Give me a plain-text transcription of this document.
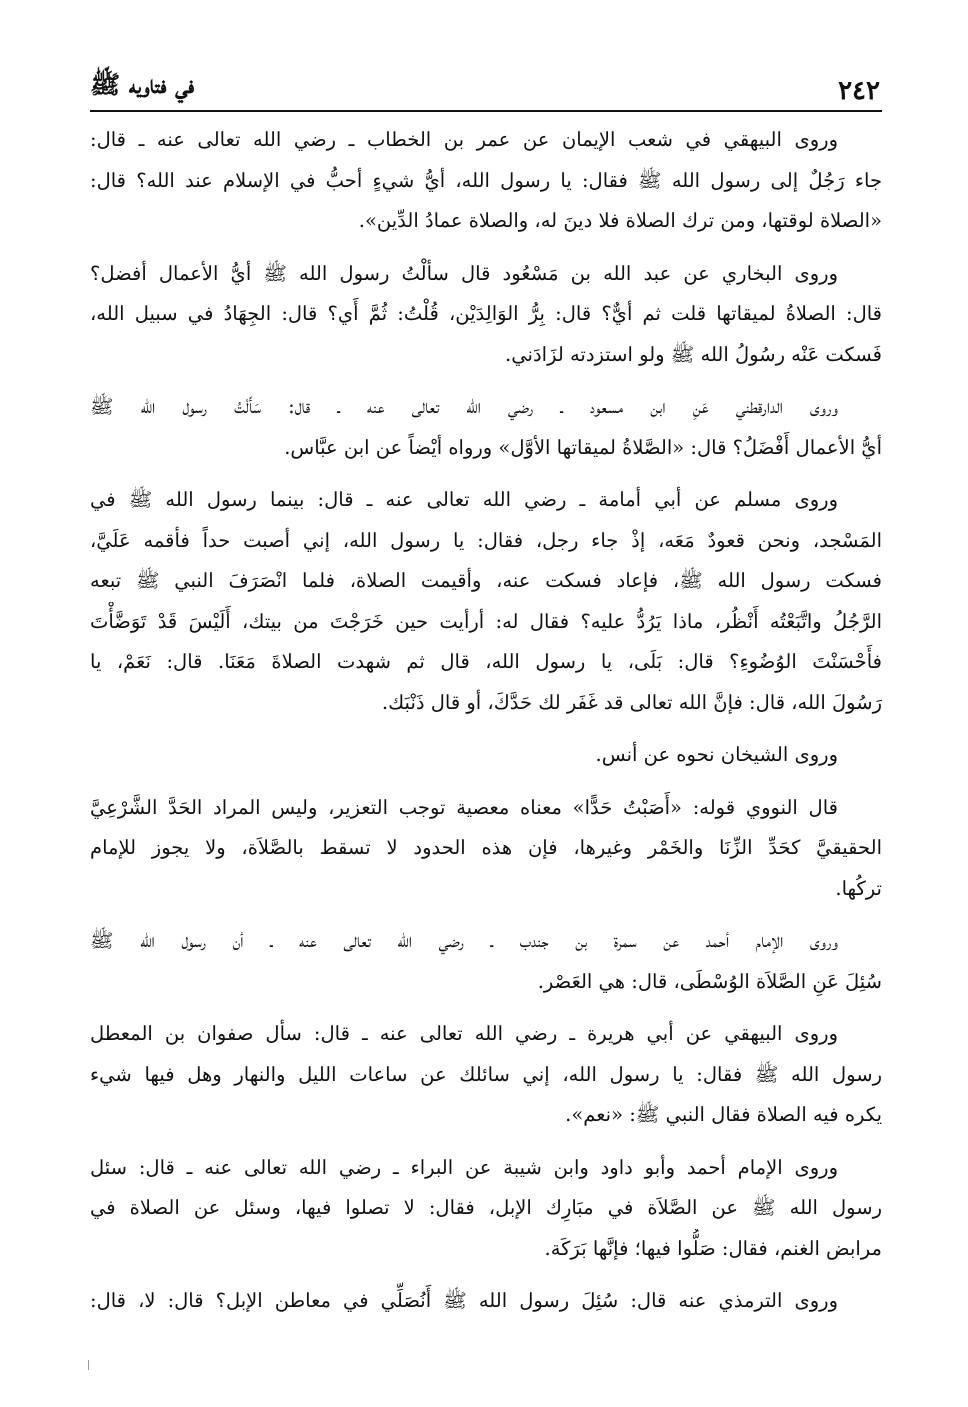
٢٤٢
في فتاويه ﷺ

وروى البيهقي في شعب الإيمان عن عمر بن الخطاب ـ رضي الله تعالى عنه ـ قال:
جاء رَجُلٌ إلى رسول الله ﷺ فقال: يا رسول الله، أيُّ شيءٍ أحبُّ في الإسلام عند الله؟ قال:
«الصلاة لوقتها، ومن ترك الصلاة فلا دينَ له، والصلاة عمادُ الدِّين».

وروى البخاري عن عبد الله بن مَسْعُود قال سألْتُ رسول الله ﷺ أيُّ الأعمال أفضل؟
قال: الصلاةُ لميقاتها قلت ثم أيٌّ؟ قال: بِرُّ الوَالِدَيْن، قُلْتُ: ثُمَّ أَي؟ قال: الجِهَادُ في سبيل الله،
فَسكت عَنْه رسُولُ الله ﷺ ولو استزدته لزَادَني.

وروى الدارقطني عَنِ ابن مسعود ـ رضي الله تعالى عنه ـ قال: سَأَلْتُ رسول الله ﷺ
أيُّ الأعمال أَفْضَلُ؟ قال: «الصَّلاةُ لميقاتها الأوَّل» ورواه أيْضاً عن ابن عبَّاس.

وروى مسلم عن أبي أمامة ـ رضي الله تعالى عنه ـ قال: بينما رسول الله ﷺ في
المَسْجد، ونحن قعودٌ مَعَه، إذْ جاء رجل، فقال: يا رسول الله، إني أصبت حداً فأقمه عَلَيَّ،
فسكت رسول الله ﷺ، فإعاد فسكت عنه، وأقيمت الصلاة، فلما انْصَرَفَ النبي ﷺ تبعه
الرَّجُلُ واتَّبَعْتُه أَنْظُر، ماذا يَرُدُّ عليه؟ فقال له: أرأيت حين خَرَجْتَ من بيتك، أَلَيْسَ قَدْ تَوَضَّأْتَ
فأَحْسَنْتَ الوُضُوءِ؟ قال: بَلَى، يا رسول الله، قال ثم شهدت الصلاةَ مَعَنَا. قال: نَعَمْ، يا
رَسُولَ الله، قال: فإنَّ الله تعالى قد غَفَر لك حَدَّكَ، أو قال ذَنْبَك.

وروى الشيخان نحوه عن أنس.

قال النووي قوله: «أَصَبْتُ حَدًّا» معناه معصية توجب التعزير، وليس المراد الحَدَّ الشَّرْعِيَّ
الحقيقيَّ كحَدِّ الزِّنَا والخَمْر وغيرها، فإن هذه الحدود لا تسقط بالصَّلاَة، ولا يجوز للإمام
تركُها.

وروى الإمام أحمد عن سمرة بن جندب ـ رضي الله تعالى عنه ـ أن رسول الله ﷺ
سُئِلَ عَنِ الصَّلاَة الوُسْطَى، قال: هي العَصْر.

وروى البيهقي عن أبي هريرة ـ رضي الله تعالى عنه ـ قال: سأل صفوان بن المعطل
رسول الله ﷺ فقال: يا رسول الله، إني سائلك عن ساعات الليل والنهار وهل فيها شيء
يكره فيه الصلاة فقال النبي ﷺ: «نعم».

وروى الإمام أحمد وأبو داود وابن شيبة عن البراء ـ رضي الله تعالى عنه ـ قال: سئل
رسول الله ﷺ عن الصَّلاَة في مبَارِك الإبل، فقال: لا تصلوا فيها، وسئل عن الصلاة في
مرابض الغنم، فقال: صَلُّوا فيها؛ فإنَّها بَرَكَة.

وروى الترمذي عنه قال: سُئِلَ رسول الله ﷺ أَنُصَلِّي في معاطن الإبل؟ قال: لا، قال:
